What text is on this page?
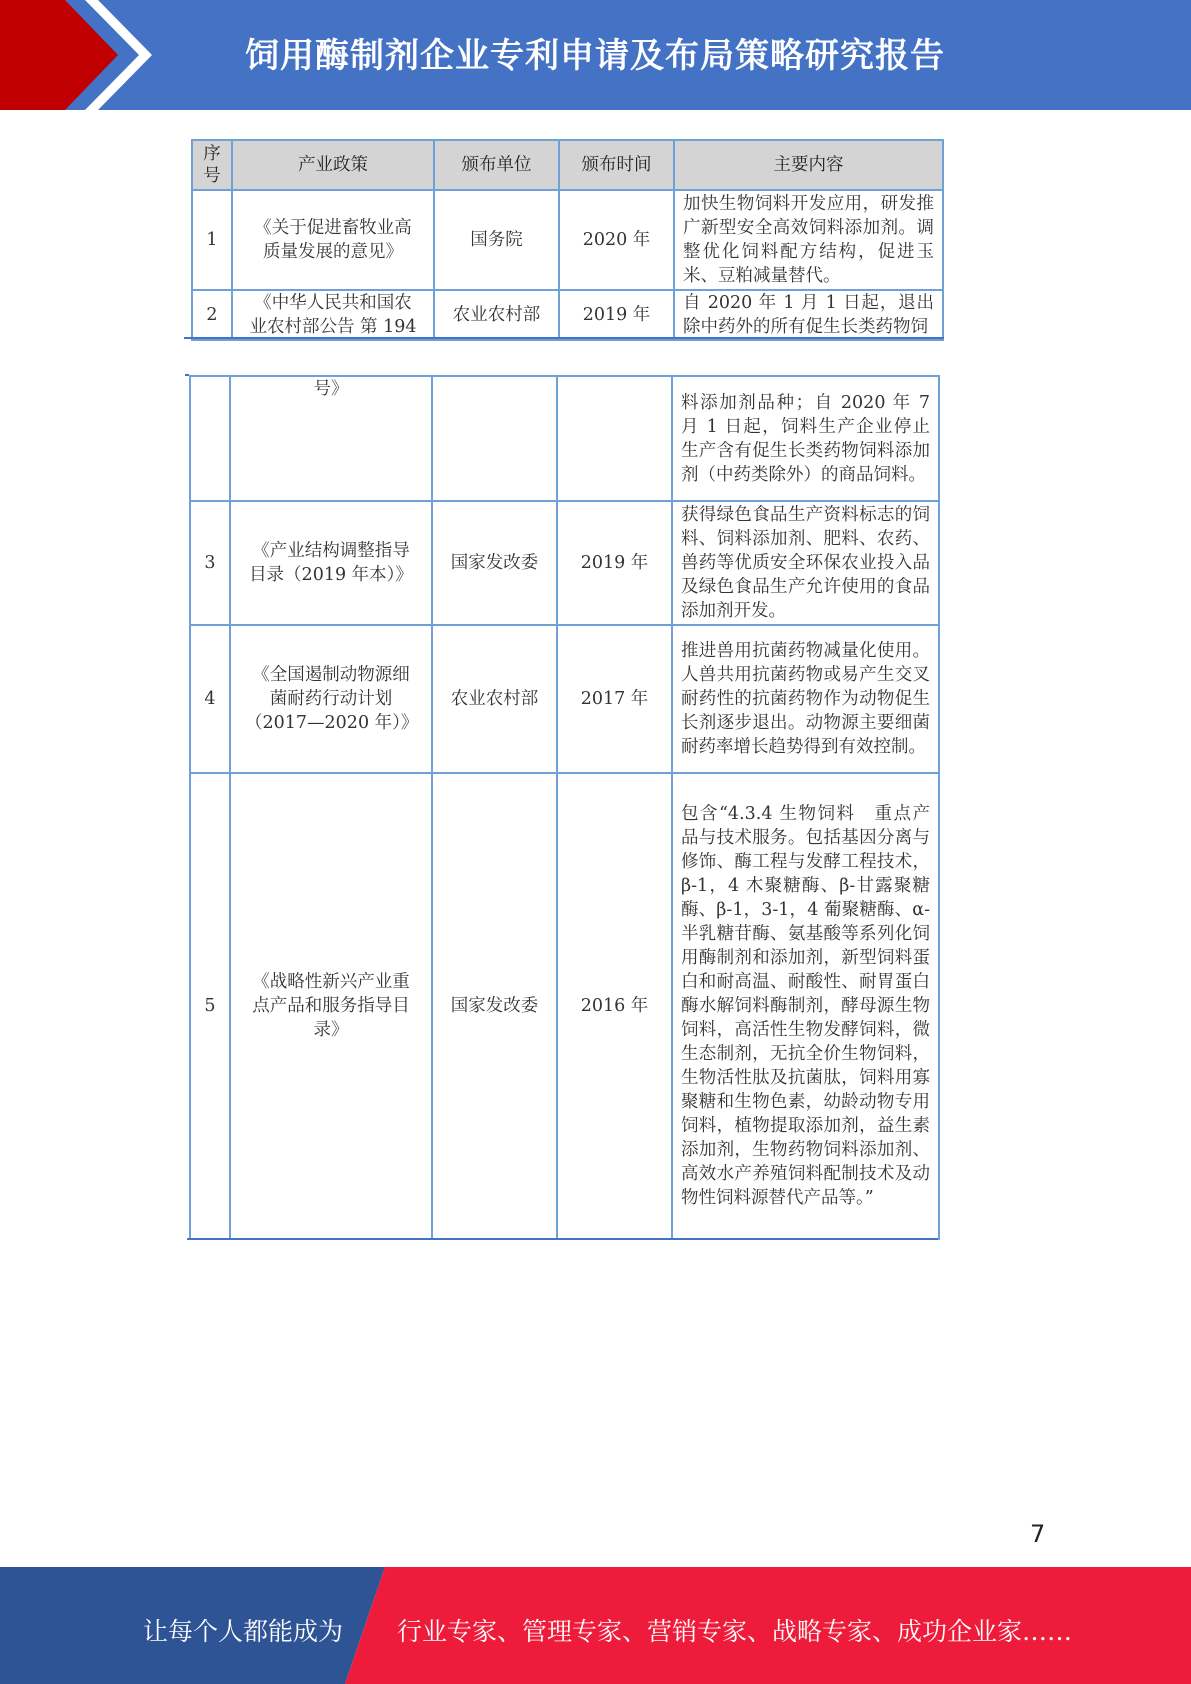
饲用酶制剂企业专利申请及布局策略研究报告
序号	产业政策	颁布单位	颁布时间	主要内容
1	《关于促进畜牧业高质量发展的意见》	国务院	2020 年	加快生物饲料开发应用，研发推广新型安全高效饲料添加剂。调整优化饲料配方结构，促进玉米、豆粕减量替代。
2	《中华人民共和国农业农村部公告 第 194	农业农村部	2019 年	自 2020 年 1 月 1 日起，退出除中药外的所有促生长类药物饲
	号》			料添加剂品种；自 2020 年 7 月 1 日起，饲料生产企业停止生产含有促生长类药物饲料添加剂（中药类除外）的商品饲料。
3	《产业结构调整指导目录（2019 年本）》	国家发改委	2019 年	获得绿色食品生产资料标志的饲料、饲料添加剂、肥料、农药、兽药等优质安全环保农业投入品及绿色食品生产允许使用的食品添加剂开发。
4	《全国遏制动物源细菌耐药行动计划（2017—2020 年）》	农业农村部	2017 年	推进兽用抗菌药物减量化使用。人兽共用抗菌药物或易产生交叉耐药性的抗菌药物作为动物促生长剂逐步退出。动物源主要细菌耐药率增长趋势得到有效控制。
5	《战略性新兴产业重点产品和服务指导目录》	国家发改委	2016 年	包含“4.3.4 生物饲料　重点产品与技术服务。包括基因分离与修饰、酶工程与发酵工程技术，β-1，4 木聚糖酶、β-甘露聚糖酶、β-1，3-1，4 葡聚糖酶、α-半乳糖苷酶、氨基酸等系列化饲用酶制剂和添加剂，新型饲料蛋白和耐高温、耐酸性、耐胃蛋白酶水解饲料酶制剂，酵母源生物饲料，高活性生物发酵饲料，微生态制剂，无抗全价生物饲料，生物活性肽及抗菌肽，饲料用寡聚糖和生物色素，幼龄动物专用饲料，植物提取添加剂，益生素添加剂，生物药物饲料添加剂、高效水产养殖饲料配制技术及动物性饲料源替代产品等。”
7
让每个人都能成为 行业专家、管理专家、营销专家、战略专家、成功企业家……
